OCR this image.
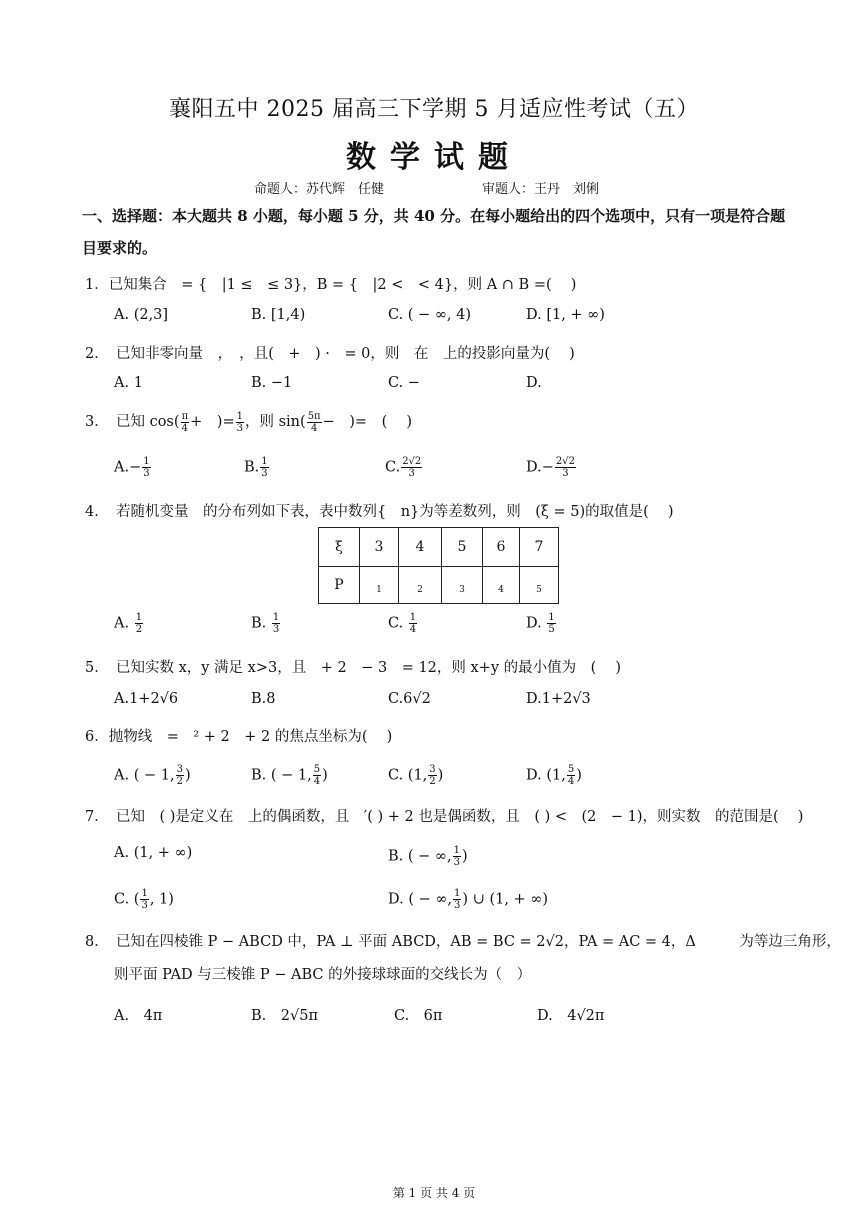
襄阳五中 2025 届高三下学期 5 月适应性考试（五）
数学试题
命题人：苏代辉　任健	审题人：王丹　刘俐
一、选择题：本大题共 8 小题，每小题 5 分，共 40 分。在每小题给出的四个选项中，只有一项是符合题目要求的。
1．已知集合　= {　|1 ≤　≤ 3}，B = {　|2 <　< 4}，则 A ∩ B =(　 )
A. (2,3]	B. [1,4)	C. ( − ∞, 4)	D. [1, + ∞)
2．　已知非零向量　，　，且(　+　) ·　= 0，则　在　上的投影向量为(　 )
A. 1	B. −1	C. −	D.
3．　已知 $\cos( \frac{\pi}{4}$ +　)= $\frac{1}{3}$ ，则 $\sin( \frac{5\pi}{4}$ −　)=　(　 )
$A.- \frac{1}{3}$	B. $\frac{1}{3}$	C. $\frac{2√2}{3}$	$D.- \frac{2√2}{3}$
4．　若随机变量　的分布列如下表，表中数列{　n}为等差数列，则　(ξ = 5)的取值是(　 )
ξ	3	4	5	6	7
P	$_1$	$_2$	$_3$	$_4$	$_5$
A. $\frac{1}{2}$	B. $\frac{1}{3}$	C. $\frac{1}{4}$	D. $\frac{1}{5}$
5．　已知实数 x，y 满足 x>3，且　+ 2　− 3　= 12，则 x+y 的最小值为　(　 )
A.1+2√6	B.8	C.6√2	D.1+2√3
6．抛物线　=　² + 2　+ 2 的焦点坐标为(　 )
A. ( − 1, $\frac{3}{2}$ )	B. ( − 1, $\frac{5}{4}$ )	C. (1, $\frac{3}{2}$ )	D. (1, $\frac{5}{4}$ )
7．　已知　( )是定义在　上的偶函数，且　′( ) + 2 也是偶函数，且　( ) <　(2　− 1)，则实数　的范围是(　 )
A. (1, + ∞)	B. ( − ∞, $\frac{1}{3}$ )
C. ( $\frac{1}{3}$ , 1)	D. ( − ∞, $\frac{1}{3}$ ) ∪ (1, + ∞)
8．　已知在四棱锥 P − ABCD 中，PA ⊥ 平面 ABCD，AB = BC = 2√2，PA = AC = 4，Δ　　　为等边三角形，
则平面 PAD 与三棱锥 P − ABC 的外接球球面的交线长为（　）
A.　4π	B.　2√5π	C.　6π	D.　4√2π
第 1 页 共 4 页
